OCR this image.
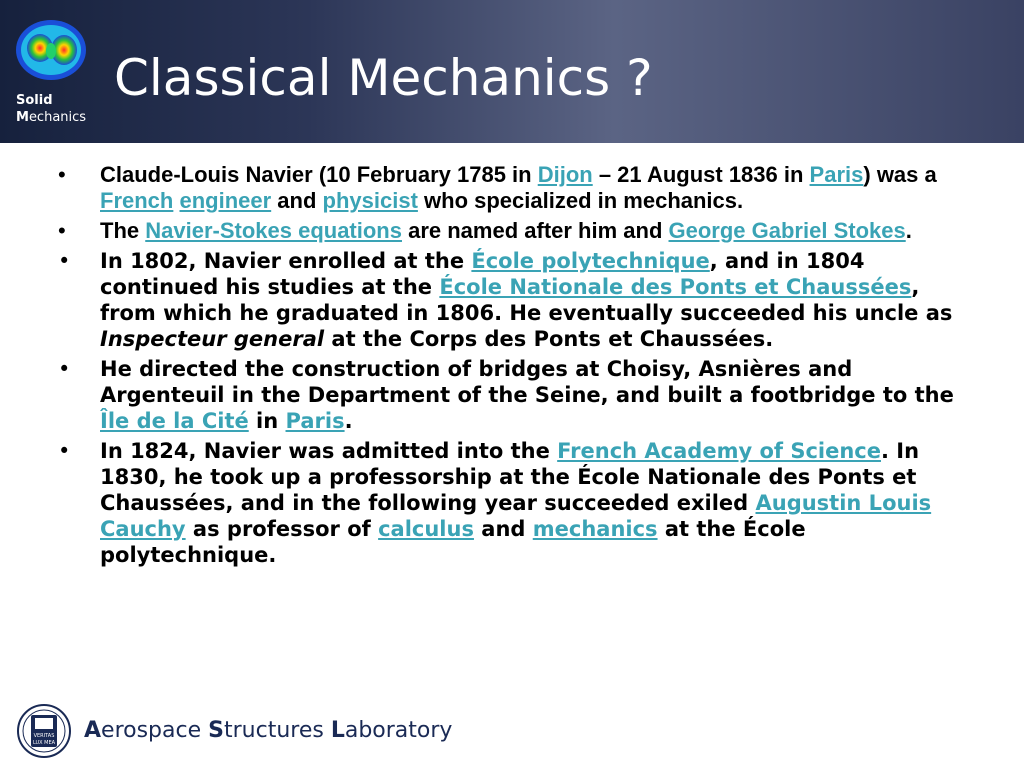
Solid
Mechanics
Classical Mechanics ?
• Claude-Louis Navier (10 February 1785 in Dijon – 21 August 1836 in Paris) was a French engineer and physicist who specialized in mechanics.
• The Navier-Stokes equations are named after him and George Gabriel Stokes.
• In 1802, Navier enrolled at the École polytechnique, and in 1804 continued his studies at the École Nationale des Ponts et Chaussées, from which he graduated in 1806. He eventually succeeded his uncle as Inspecteur general at the Corps des Ponts et Chaussées.
• He directed the construction of bridges at Choisy, Asnières and Argenteuil in the Department of the Seine, and built a footbridge to the Île de la Cité in Paris.
• In 1824, Navier was admitted into the French Academy of Science. In 1830, he took up a professorship at the École Nationale des Ponts et Chaussées, and in the following year succeeded exiled Augustin Louis Cauchy as professor of calculus and mechanics at the École polytechnique.
VERITAS
LUX MEA Aerospace Structures Laboratory
